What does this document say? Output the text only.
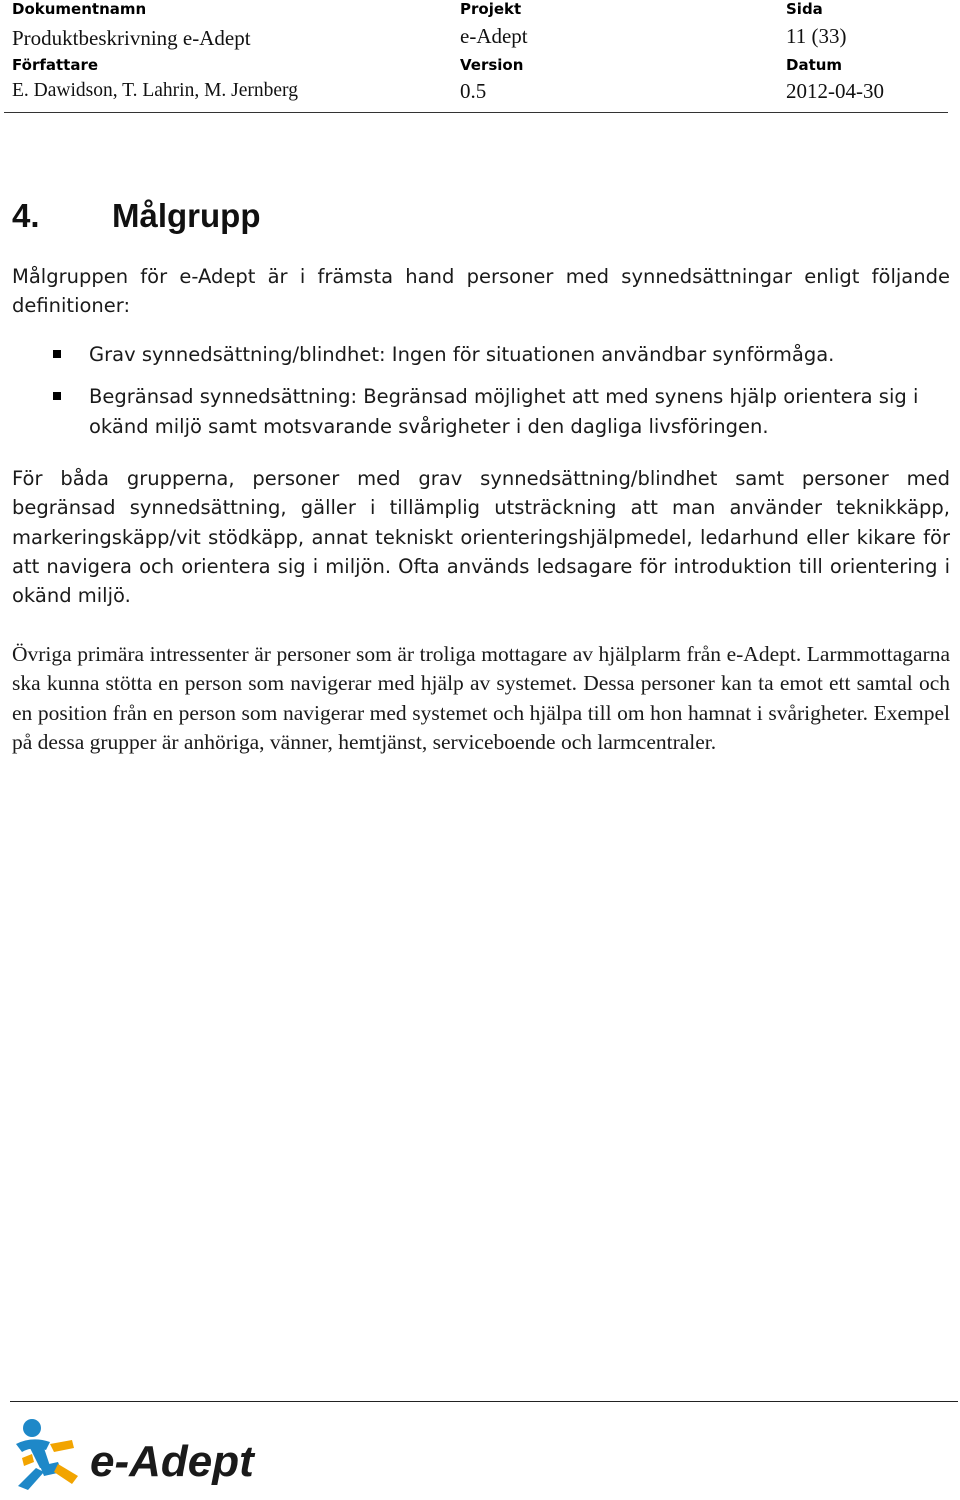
Dokumentnamn
Produktbeskrivning e-Adept
Projekt
e-Adept
Sida
11 (33)
Författare
E. Dawidson, T. Lahrin, M. Jernberg
Version
0.5
Datum
2012-04-30
4. Målgrupp

Målgruppen för e-Adept är i främsta hand personer med synnedsättningar enligt följande definitioner:

Grav synnedsättning/blindhet: Ingen för situationen användbar synförmåga.
Begränsad synnedsättning: Begränsad möjlighet att med synens hjälp orientera sig i okänd miljö samt motsvarande svårigheter i den dagliga livsföringen.

För båda grupperna, personer med grav synnedsättning/blindhet samt personer med begränsad synnedsättning, gäller i tillämplig utsträckning att man använder teknikkäpp, markeringskäpp/vit stödkäpp, annat tekniskt orienteringshjälpmedel, ledarhund eller kikare för att navigera och orientera sig i miljön. Ofta används ledsagare för introduktion till orientering i okänd miljö.

Övriga primära intressenter är personer som är troliga mottagare av hjälplarm från e-Adept. Larmmottagarna ska kunna stötta en person som navigerar med hjälp av systemet. Dessa personer kan ta emot ett samtal och en position från en person som navigerar med systemet och hjälpa till om hon hamnat i svårigheter. Exempel på dessa grupper är anhöriga, vänner, hemtjänst, serviceboende och larmcentraler.

e-Adept
